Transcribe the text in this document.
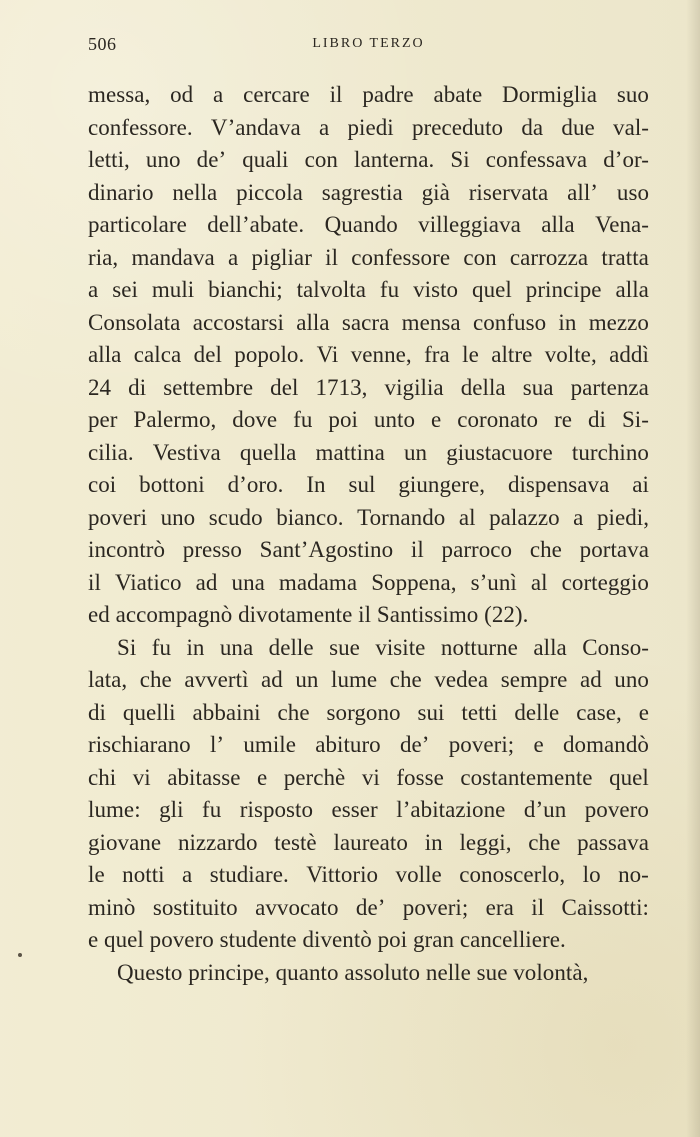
506	LIBRO TERZO
messa, od a cercare il padre abate Dormiglia suo
confessore. V’andava a piedi preceduto da due val-
letti, uno de’ quali con lanterna. Si confessava d’or-
dinario nella piccola sagrestia già riservata all’ uso
particolare dell’abate. Quando villeggiava alla Vena-
ria, mandava a pigliar il confessore con carrozza tratta
a sei muli bianchi; talvolta fu visto quel principe alla
Consolata accostarsi alla sacra mensa confuso in mezzo
alla calca del popolo. Vi venne, fra le altre volte, addì
24 di settembre del 1713, vigilia della sua partenza
per Palermo, dove fu poi unto e coronato re di Si-
cilia. Vestiva quella mattina un giustacuore turchino
coi bottoni d’oro. In sul giungere, dispensava ai
poveri uno scudo bianco. Tornando al palazzo a piedi,
incontrò presso Sant’Agostino il parroco che portava
il Viatico ad una madama Soppena, s’unì al corteggio
ed accompagnò divotamente il Santissimo (22).
Si fu in una delle sue visite notturne alla Conso-
lata, che avvertì ad un lume che vedea sempre ad uno
di quelli abbaini che sorgono sui tetti delle case, e
rischiarano l’ umile abituro de’ poveri; e domandò
chi vi abitasse e perchè vi fosse costantemente quel
lume: gli fu risposto esser l’abitazione d’un povero
giovane nizzardo testè laureato in leggi, che passava
le notti a studiare. Vittorio volle conoscerlo, lo no-
minò sostituito avvocato de’ poveri; era il Caissotti:
e quel povero studente diventò poi gran cancelliere.
Questo principe, quanto assoluto nelle sue volontà,
